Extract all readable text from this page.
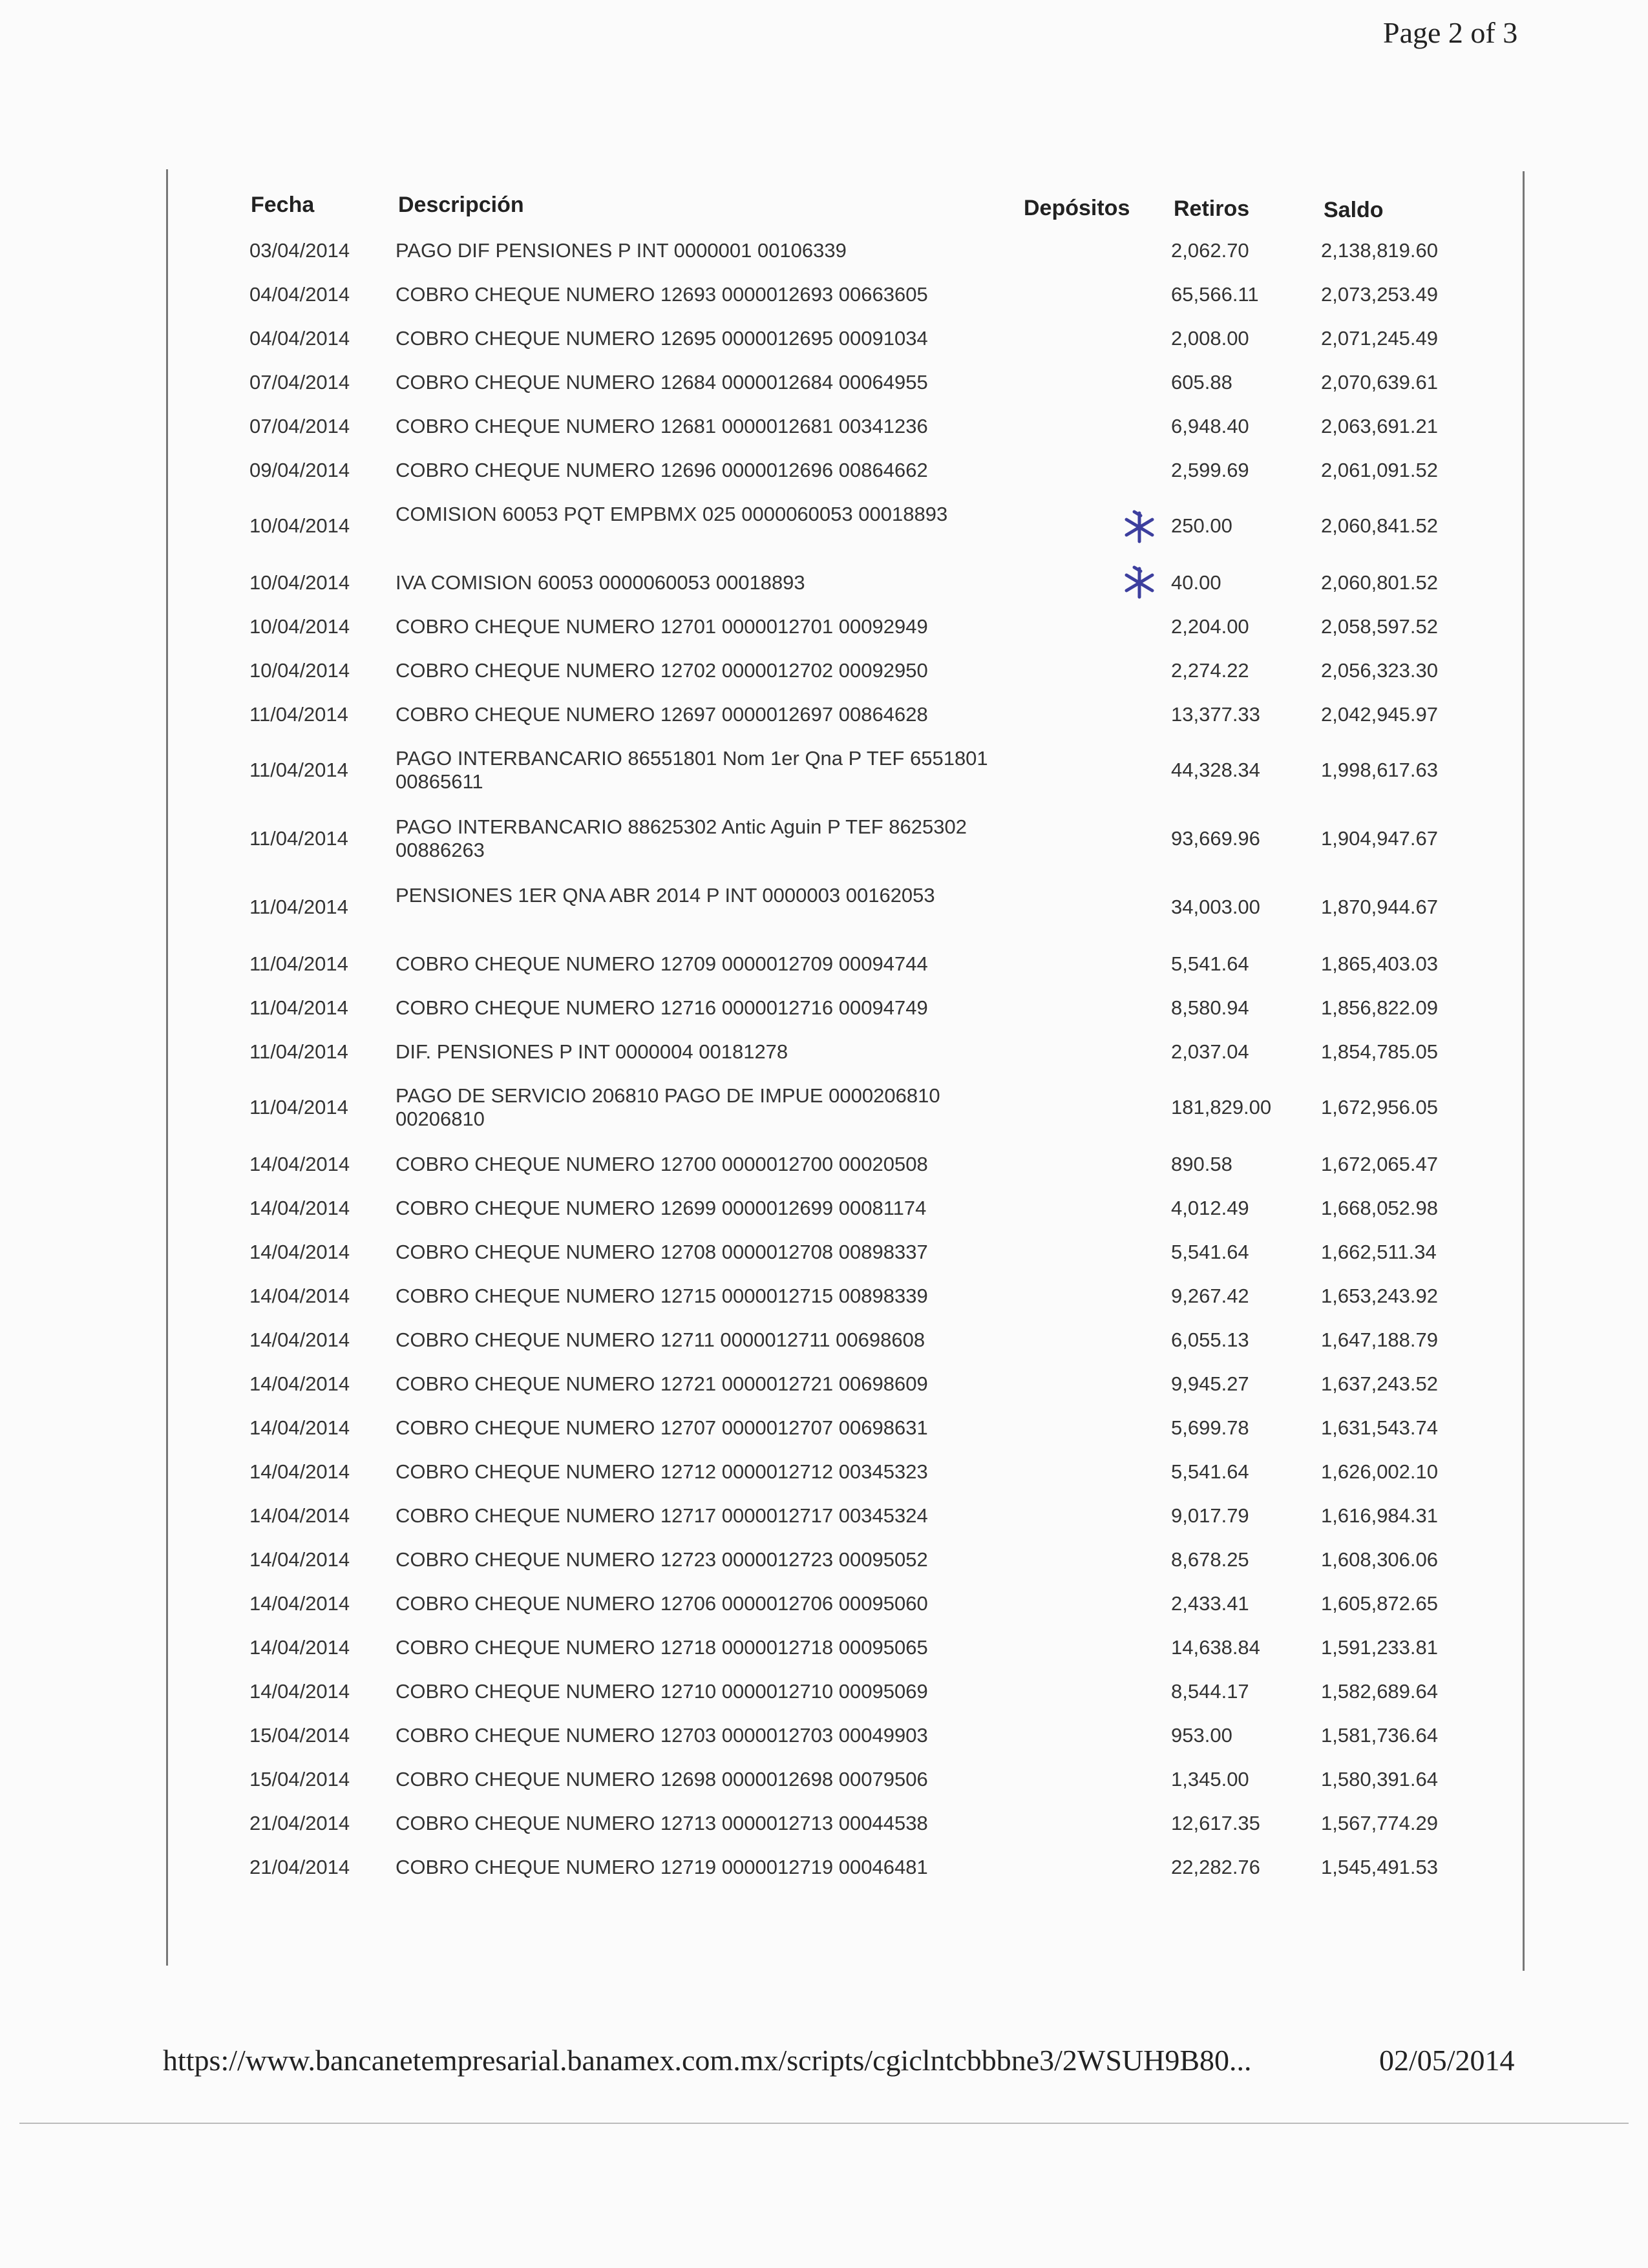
Page 2 of 3
Fecha	Descripción	Depósitos Retiros	Saldo
03/04/2014 PAGO DIF PENSIONES P INT 0000001 00106339	2,062.70	2,138,819.60
04/04/2014 COBRO CHEQUE NUMERO 12693 0000012693 00663605	65,566.11	2,073,253.49
04/04/2014 COBRO CHEQUE NUMERO 12695 0000012695 00091034	2,008.00	2,071,245.49
07/04/2014 COBRO CHEQUE NUMERO 12684 0000012684 00064955	605.88	2,070,639.61
07/04/2014 COBRO CHEQUE NUMERO 12681 0000012681 00341236	6,948.40	2,063,691.21
09/04/2014 COBRO CHEQUE NUMERO 12696 0000012696 00864662	2,599.69	2,061,091.52
10/04/2014
COMISION 60053 PQT EMPBMX 025 0000060053 00018893
250.00	2,060,841.52
10/04/2014 IVA COMISION 60053 0000060053 00018893	40.00	2,060,801.52
10/04/2014 COBRO CHEQUE NUMERO 12701 0000012701 00092949	2,204.00	2,058,597.52
10/04/2014 COBRO CHEQUE NUMERO 12702 0000012702 00092950	2,274.22	2,056,323.30
11/04/2014 COBRO CHEQUE NUMERO 12697 0000012697 00864628	13,377.33	2,042,945.97
11/04/2014
PAGO INTERBANCARIO 86551801 Nom 1er Qna P TEF 6551801 00865611
44,328.34	1,998,617.63
11/04/2014
PAGO INTERBANCARIO 88625302 Antic Aguin P TEF 8625302 00886263
93,669.96	1,904,947.67
11/04/2014
PENSIONES 1ER QNA ABR 2014 P INT 0000003 00162053
34,003.00	1,870,944.67
11/04/2014 COBRO CHEQUE NUMERO 12709 0000012709 00094744	5,541.64	1,865,403.03
11/04/2014 COBRO CHEQUE NUMERO 12716 0000012716 00094749	8,580.94	1,856,822.09
11/04/2014 DIF. PENSIONES P INT 0000004 00181278	2,037.04	1,854,785.05
11/04/2014
PAGO DE SERVICIO 206810 PAGO DE IMPUE 0000206810 00206810
181,829.00 1,672,956.05
14/04/2014 COBRO CHEQUE NUMERO 12700 0000012700 00020508	890.58	1,672,065.47
14/04/2014 COBRO CHEQUE NUMERO 12699 0000012699 00081174	4,012.49	1,668,052.98
14/04/2014 COBRO CHEQUE NUMERO 12708 0000012708 00898337	5,541.64	1,662,511.34
14/04/2014 COBRO CHEQUE NUMERO 12715 0000012715 00898339	9,267.42	1,653,243.92
14/04/2014 COBRO CHEQUE NUMERO 12711 0000012711 00698608	6,055.13	1,647,188.79
14/04/2014 COBRO CHEQUE NUMERO 12721 0000012721 00698609	9,945.27	1,637,243.52
14/04/2014 COBRO CHEQUE NUMERO 12707 0000012707 00698631	5,699.78	1,631,543.74
14/04/2014 COBRO CHEQUE NUMERO 12712 0000012712 00345323	5,541.64	1,626,002.10
14/04/2014 COBRO CHEQUE NUMERO 12717 0000012717 00345324	9,017.79	1,616,984.31
14/04/2014 COBRO CHEQUE NUMERO 12723 0000012723 00095052	8,678.25	1,608,306.06
14/04/2014 COBRO CHEQUE NUMERO 12706 0000012706 00095060	2,433.41	1,605,872.65
14/04/2014 COBRO CHEQUE NUMERO 12718 0000012718 00095065	14,638.84	1,591,233.81
14/04/2014 COBRO CHEQUE NUMERO 12710 0000012710 00095069	8,544.17	1,582,689.64
15/04/2014 COBRO CHEQUE NUMERO 12703 0000012703 00049903	953.00	1,581,736.64
15/04/2014 COBRO CHEQUE NUMERO 12698 0000012698 00079506	1,345.00	1,580,391.64
21/04/2014 COBRO CHEQUE NUMERO 12713 0000012713 00044538	12,617.35	1,567,774.29
21/04/2014 COBRO CHEQUE NUMERO 12719 0000012719 00046481	22,282.76	1,545,491.53
https://www.bancanetempresarial.banamex.com.mx/scripts/cgiclntcbbbne3/2WSUH9B80...	02/05/2014
